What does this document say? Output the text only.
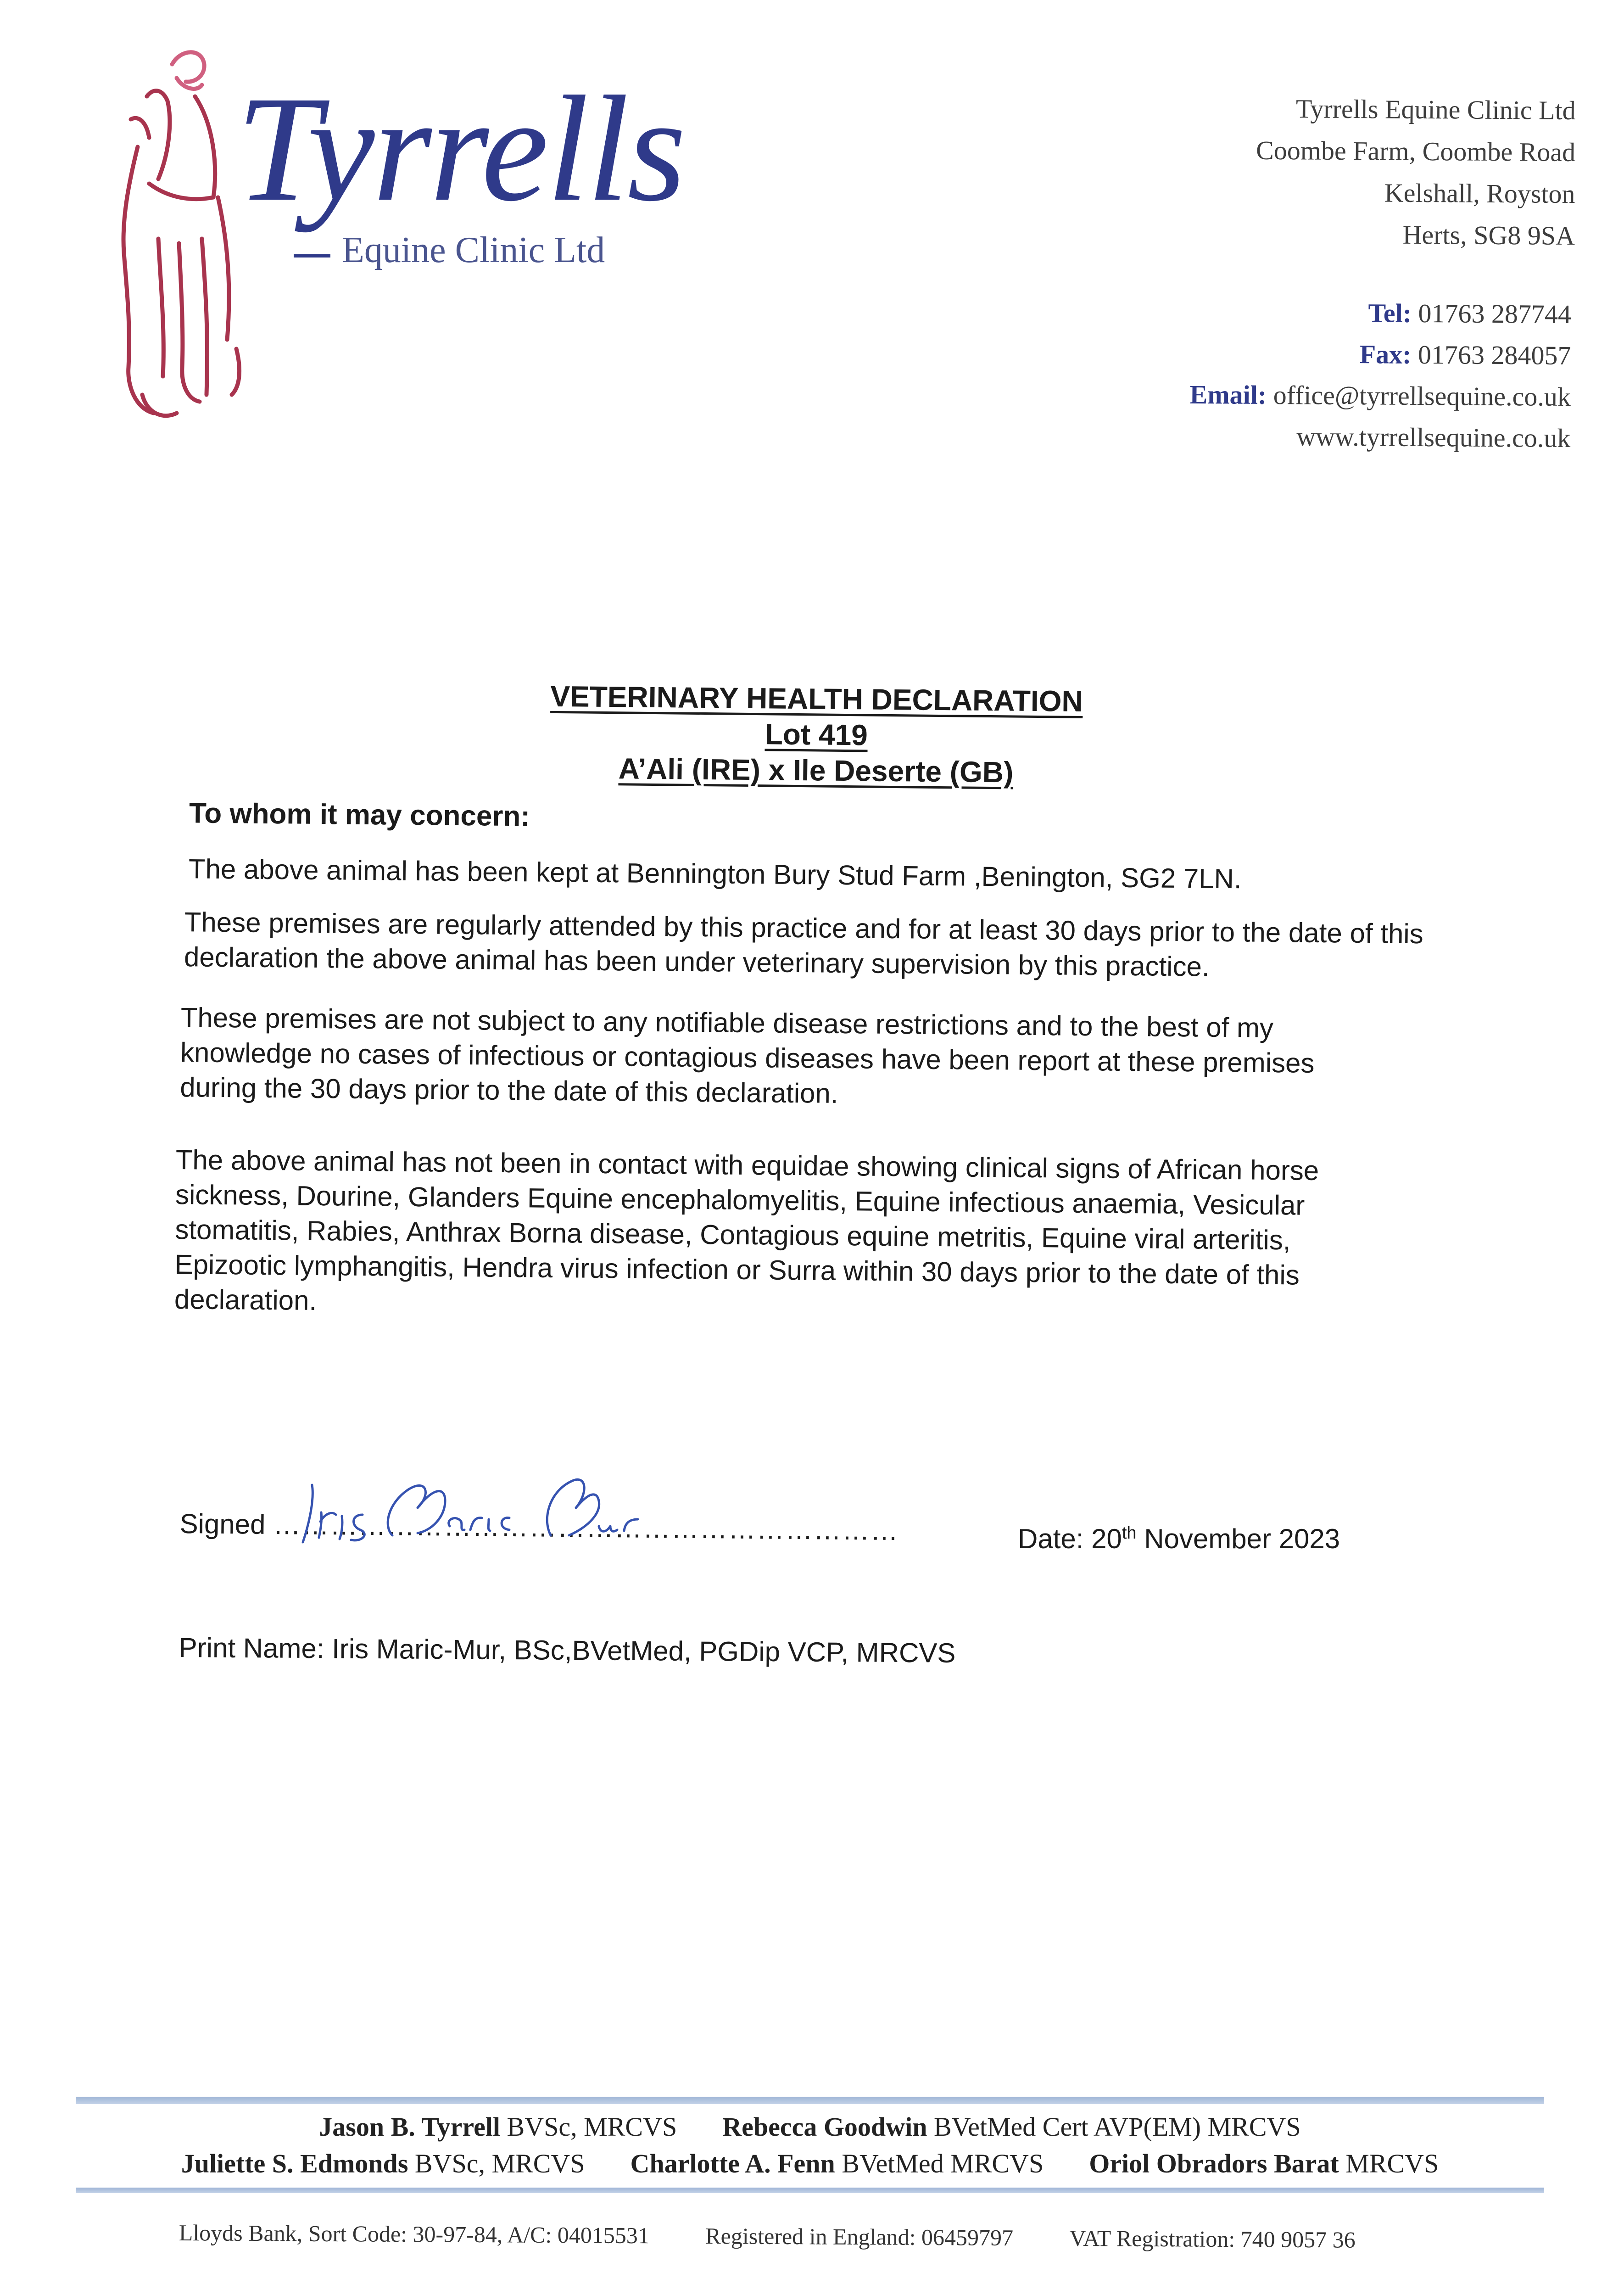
Tyrrells
Equine Clinic Ltd
Tyrrells Equine Clinic Ltd
Coombe Farm, Coombe Road
Kelshall, Royston
Herts, SG8 9SA
Tel: 01763 287744
Fax: 01763 284057
Email: office@tyrrellsequine.co.uk
www.tyrrellsequine.co.uk
VETERINARY HEALTH DECLARATION
Lot 419
A’Ali (IRE) x Ile Deserte (GB)
To whom it may concern:

The above animal has been kept at Bennington Bury Stud Farm ,Benington, SG2 7LN.

These premises are regularly attended by this practice and for at least 30 days prior to the date of this declaration the above animal has been under veterinary supervision by this practice.

These premises are not subject to any notifiable disease restrictions and to the best of my knowledge no cases of infectious or contagious diseases have been report at these premises during the 30 days prior to the date of this declaration.

The above animal has not been in contact with equidae showing clinical signs of African horse sickness, Dourine, Glanders Equine encephalomyelitis, Equine infectious anaemia, Vesicular stomatitis, Rabies, Anthrax Borna disease, Contagious equine metritis, Equine viral arteritis, Epizootic lymphangitis, Hendra virus infection or Surra within 30 days prior to the date of this declaration.

Signed …………………………………………………………	Date: 20th November 2023
Print Name: Iris Maric-Mur, BSc,BVetMed, PGDip VCP, MRCVS
Jason B. Tyrrell BVSc, MRCVS Rebecca Goodwin BVetMed Cert AVP(EM) MRCVS
Juliette S. Edmonds BVSc, MRCVS Charlotte A. Fenn BVetMed MRCVS Oriol Obradors Barat MRCVS
Lloyds Bank, Sort Code: 30-97-84, A/C: 04015531 Registered in England: 06459797 VAT Registration: 740 9057 36
